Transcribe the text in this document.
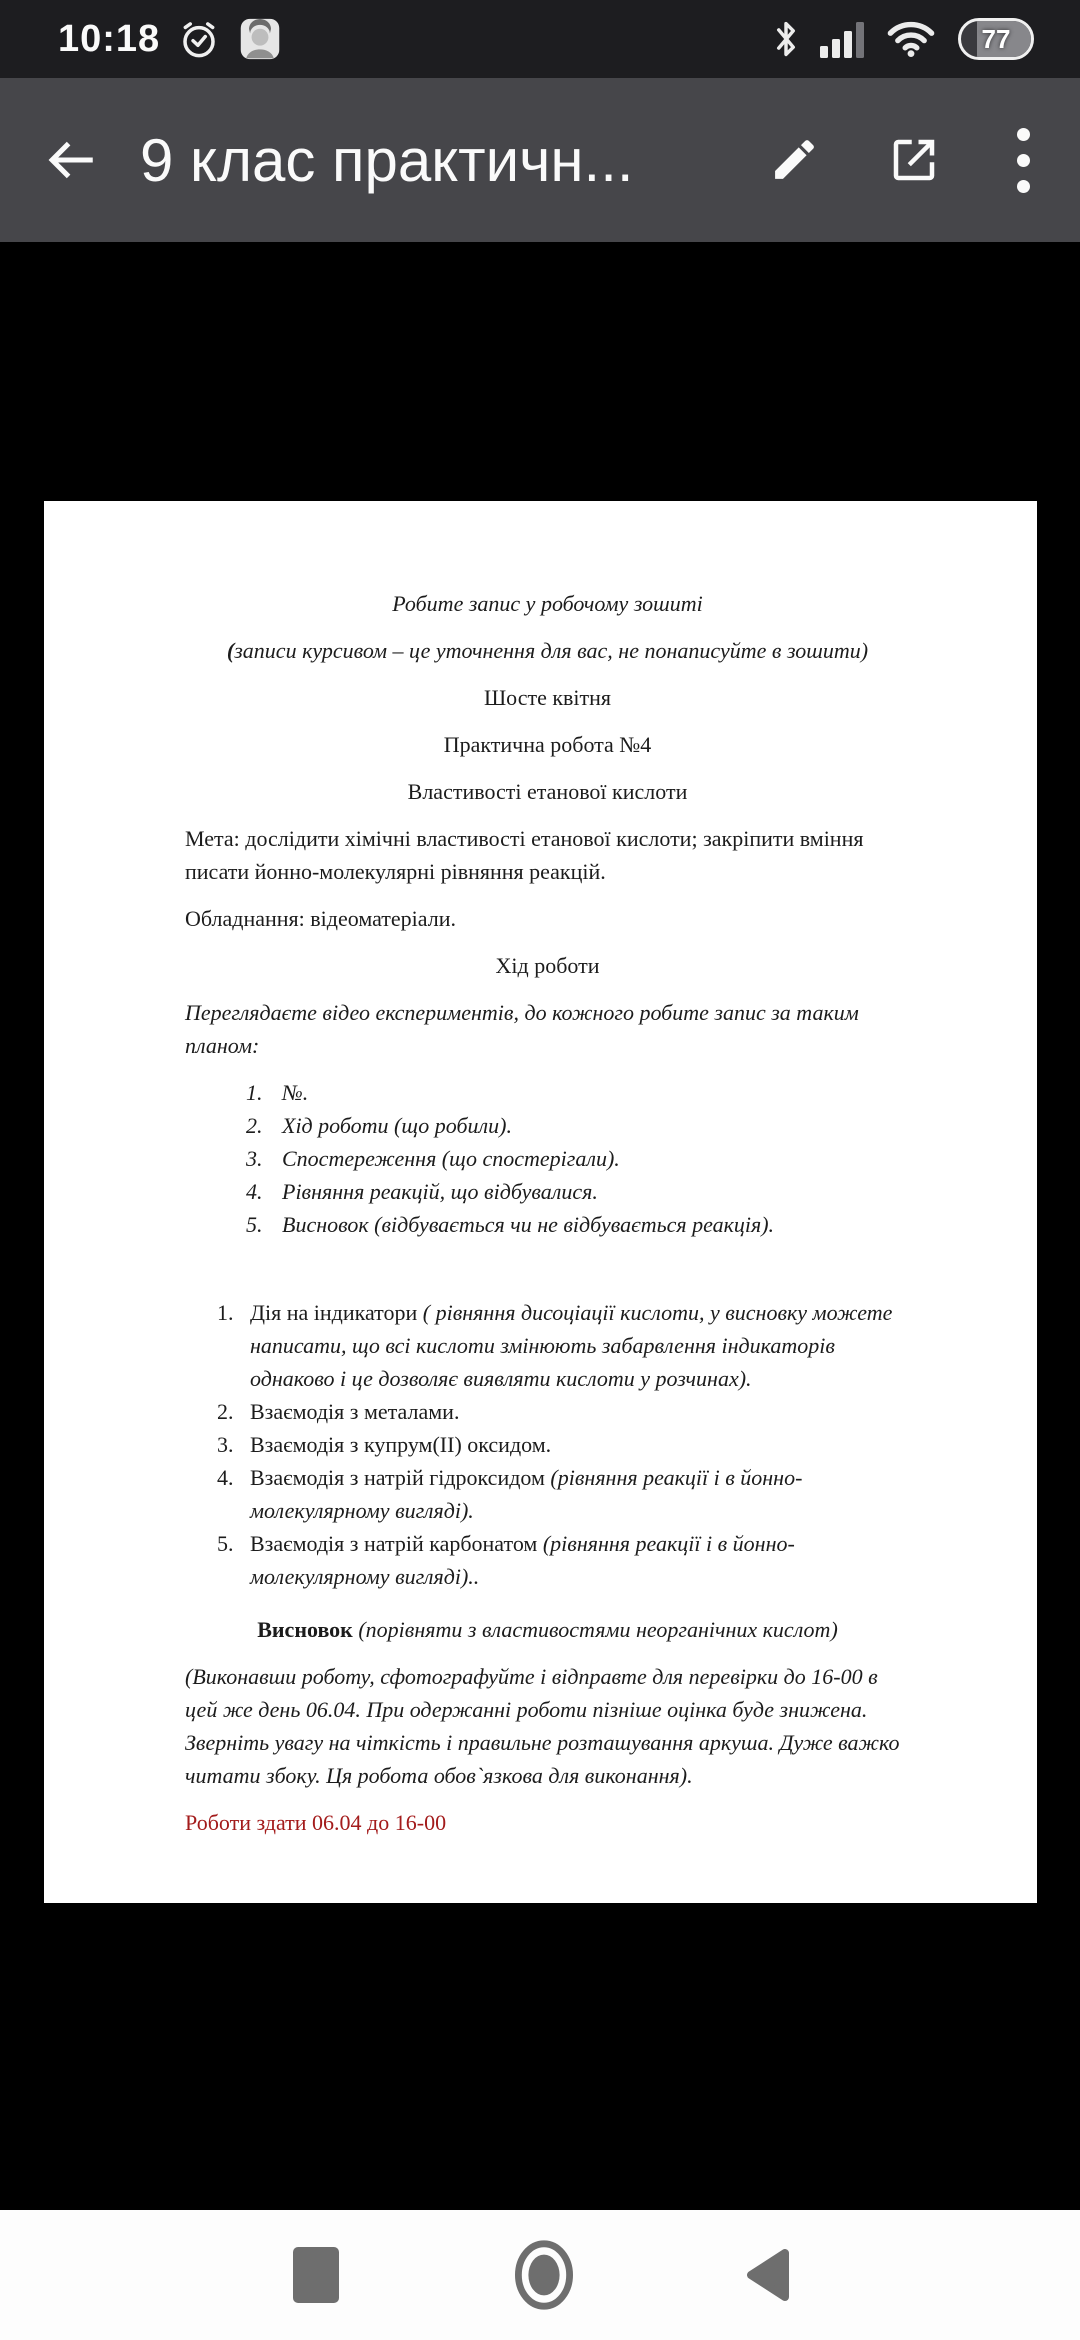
10:18	77
9 клас практичн...

Робите запис у робочому зошиті

(записи курсивом – це уточнення для вас, не понаписуйте в зошити)

Шосте квітня

Практична робота №4

Властивості етанової кислоти

Мета: дослідити хімічні властивості етанової кислоти; закріпити вміння писати йонно-молекулярні рівняння реакцій.

Обладнання: відеоматеріали.

Хід роботи

Переглядаєте відео експериментів, до кожного робите запис за таким планом:

1. №.
2. Хід роботи (що робили).
3. Спостереження (що спостерігали).
4. Рівняння реакцій, що відбувалися.
5. Висновок (відбувається чи не відбувається реакція).
1. Дія на індикатори ( рівняння дисоціації кислоти, у висновку можете написати, що всі кислоти змінюють забарвлення індикаторів однаково і це дозволяє виявляти кислоти у розчинах).
2. Взаємодія з металами.
3. Взаємодія з купрум(ІІ) оксидом.
4. Взаємодія з натрій гідроксидом (рівняння реакції і в йонно-молекулярному вигляді).
5. Взаємодія з натрій карбонатом (рівняння реакції і в йонно-молекулярному вигляді)..

Висновок (порівняти з властивостями неорганічних кислот)

(Виконавши роботу, сфотографуйте і відправте для перевірки до 16-00 в цей же день 06.04. При одержанні роботи пізніше оцінка буде знижена. Зверніть увагу на чіткість і правильне розташування аркуша. Дуже важко читати збоку. Ця робота обов`язкова для виконання).

Роботи здати 06.04 до 16-00
